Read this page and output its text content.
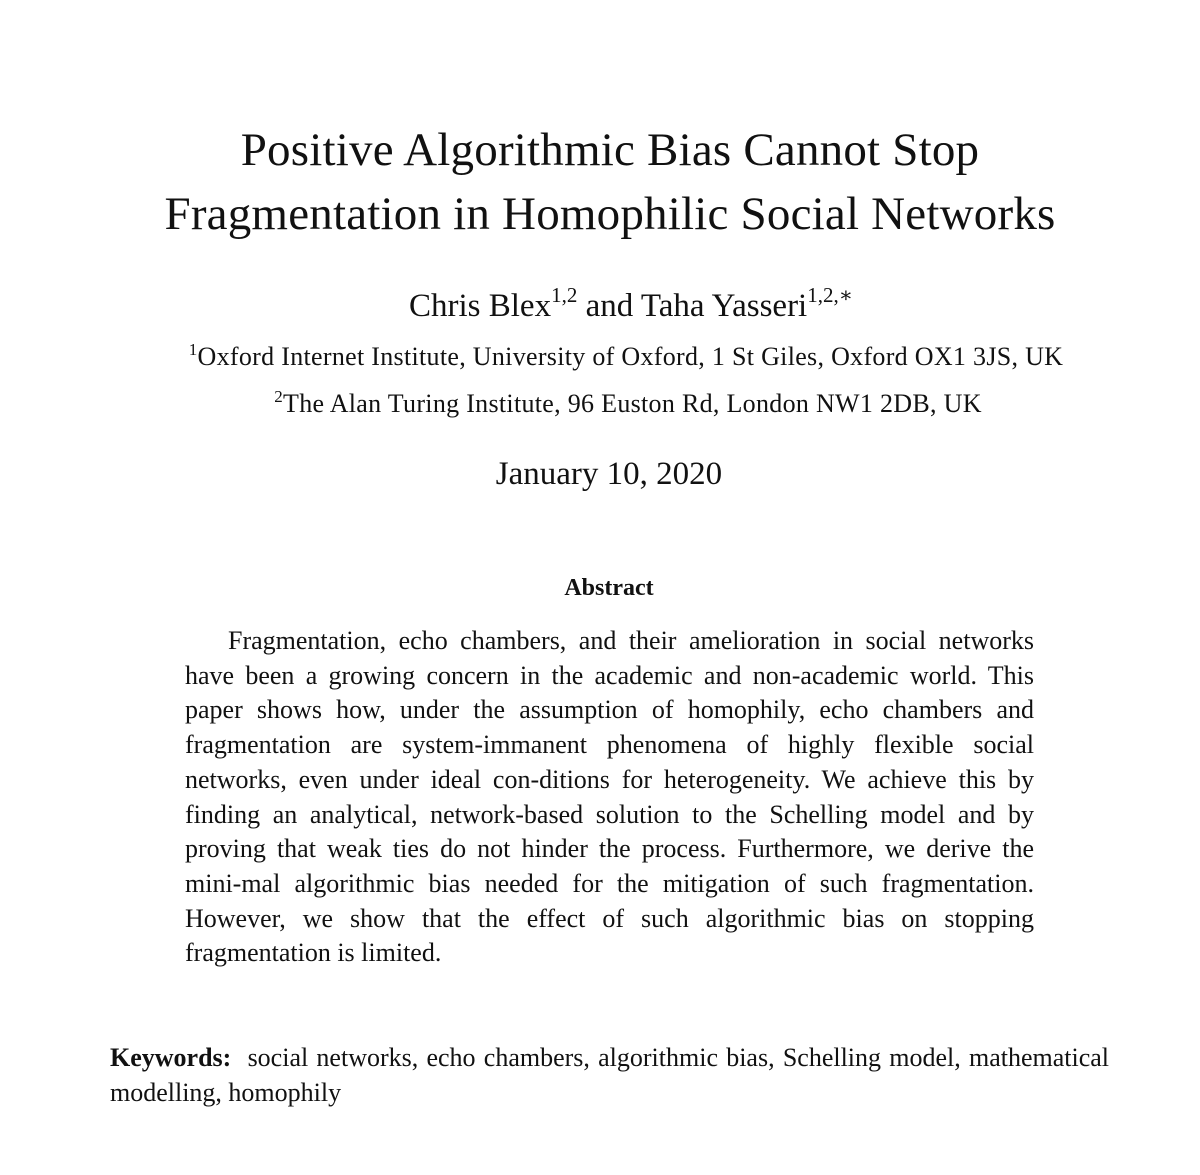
Positive Algorithmic Bias Cannot Stop
Fragmentation in Homophilic Social Networks
Chris Blex$^{1,2}$ and Taha Yasseri$^{1,2,∗}$
$^1$Oxford Internet Institute, University of Oxford, 1 St Giles, Oxford OX1 3JS, UK
$^2$The Alan Turing Institute, 96 Euston Rd, London NW1 2DB, UK
January 10, 2020
Abstract

Fragmentation, echo chambers, and their amelioration in social networks have been a growing concern in the academic and non-academic world. This paper shows how, under the assumption of homophily, echo chambers and fragmentation are system-immanent phenomena of highly flexible social networks, even under ideal con-ditions for heterogeneity. We achieve this by finding an analytical, network-based solution to the Schelling model and by proving that weak ties do not hinder the process. Furthermore, we derive the mini-mal algorithmic bias needed for the mitigation of such fragmentation. However, we show that the effect of such algorithmic bias on stopping fragmentation is limited.

Keywords: social networks, echo chambers, algorithmic bias, Schelling model, mathematical modelling, homophily
